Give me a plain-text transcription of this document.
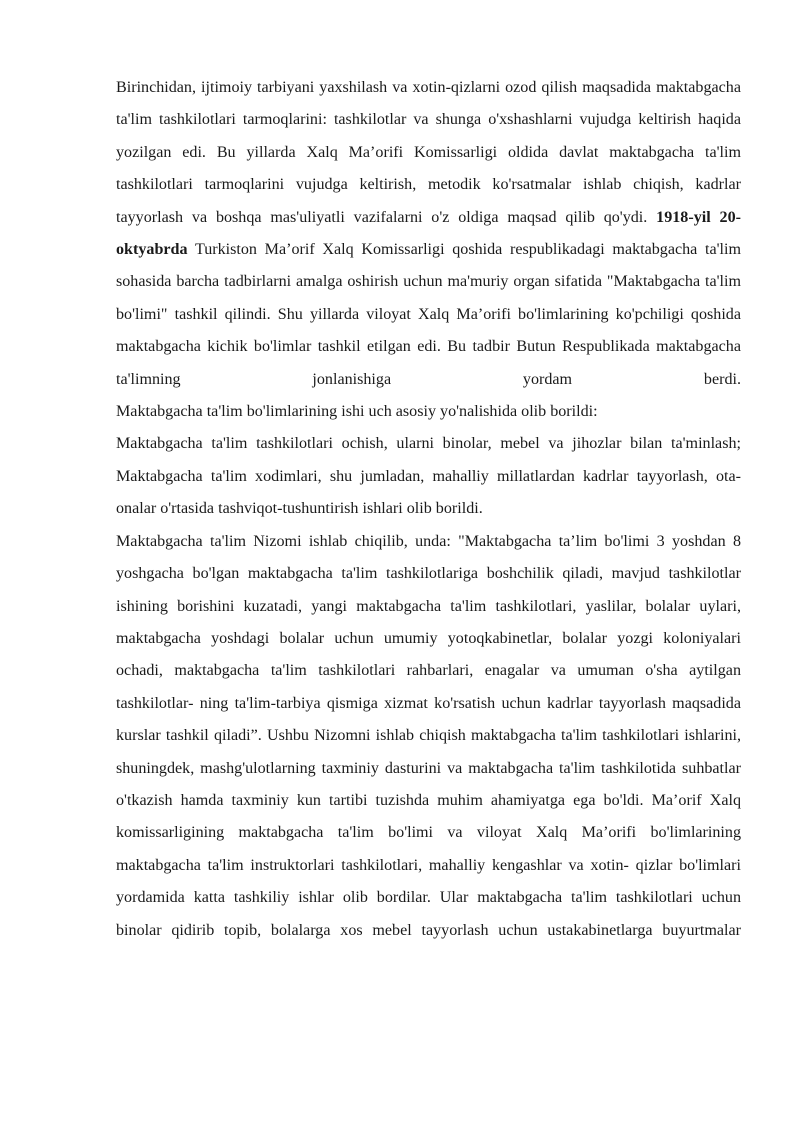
Birinchidan, ijtimoiy tarbiyani yaxshilash va xotin-qizlarni ozod qilish maqsadida maktabgacha ta'lim tashkilotlari tarmoqlarini: tashkilotlar va shunga o'xshashlarni vujudga keltirish haqida yozilgan edi. Bu yillarda Xalq Ma’orifi Komissarligi oldida davlat maktabgacha ta'lim tashkilotlari tarmoqlarini vujudga keltirish, metodik ko'rsatmalar ishlab chiqish, kadrlar tayyorlash va boshqa mas'uliyatli vazifalarni o'z oldiga maqsad qilib qo'ydi. 1918-yil 20-oktyabrda Turkiston Ma’orif Xalq Komissarligi qoshida respublikadagi maktabgacha ta'lim sohasida barcha tadbirlarni amalga oshirish uchun ma'muriy organ sifatida "Maktabgacha ta'lim bo'limi" tashkil qilindi. Shu yillarda viloyat Xalq Ma’orifi bo'limlarining ko'pchiligi qoshida maktabgacha kichik bo'limlar tashkil etilgan edi. Bu tadbir Butun Respublikada maktabgacha ta'limning jonlanishiga yordam berdi.

Maktabgacha ta'lim bo'limlarining ishi uch asosiy yo'nalishida olib borildi:

Maktabgacha ta'lim tashkilotlari ochish, ularni binolar, mebel va jihozlar bilan ta'minlash; Maktabgacha ta'lim xodimlari, shu jumladan, mahalliy millatlardan kadrlar tayyorlash, ota-onalar o'rtasida tashviqot-tushuntirish ishlari olib borildi.

Maktabgacha ta'lim Nizomi ishlab chiqilib, unda: "Maktabgacha ta’lim bo'limi 3 yoshdan 8 yoshgacha bo'lgan maktabgacha ta'lim tashkilotlariga boshchilik qiladi, mavjud tashkilotlar ishining borishini kuzatadi, yangi maktabgacha ta'lim tashkilotlari, yaslilar, bolalar uylari, maktabgacha yoshdagi bolalar uchun umumiy yotoqkabinetlar, bolalar yozgi koloniyalari ochadi, maktabgacha ta'lim tashkilotlari rahbarlari, enagalar va umuman o'sha aytilgan tashkilotlar- ning ta'lim-tarbiya qismiga xizmat ko'rsatish uchun kadrlar tayyorlash maqsadida kurslar tashkil qiladi”. Ushbu Nizomni ishlab chiqish maktabgacha ta'lim tashkilotlari ishlarini, shuningdek, mashg'ulotlarning taxminiy dasturini va maktabgacha ta'lim tashkilotida suhbatlar o'tkazish hamda taxminiy kun tartibi tuzishda muhim ahamiyatga ega bo'ldi. Ma’orif Xalq komissarligining maktabgacha ta'lim bo'limi va viloyat Xalq Ma’orifi bo'limlarining maktabgacha ta'lim instruktorlari tashkilotlari, mahalliy kengashlar va xotin- qizlar bo'limlari yordamida katta tashkiliy ishlar olib bordilar. Ular maktabgacha ta'lim tashkilotlari uchun binolar qidirib topib, bolalarga xos mebel tayyorlash uchun ustakabinetlarga buyurtmalar
